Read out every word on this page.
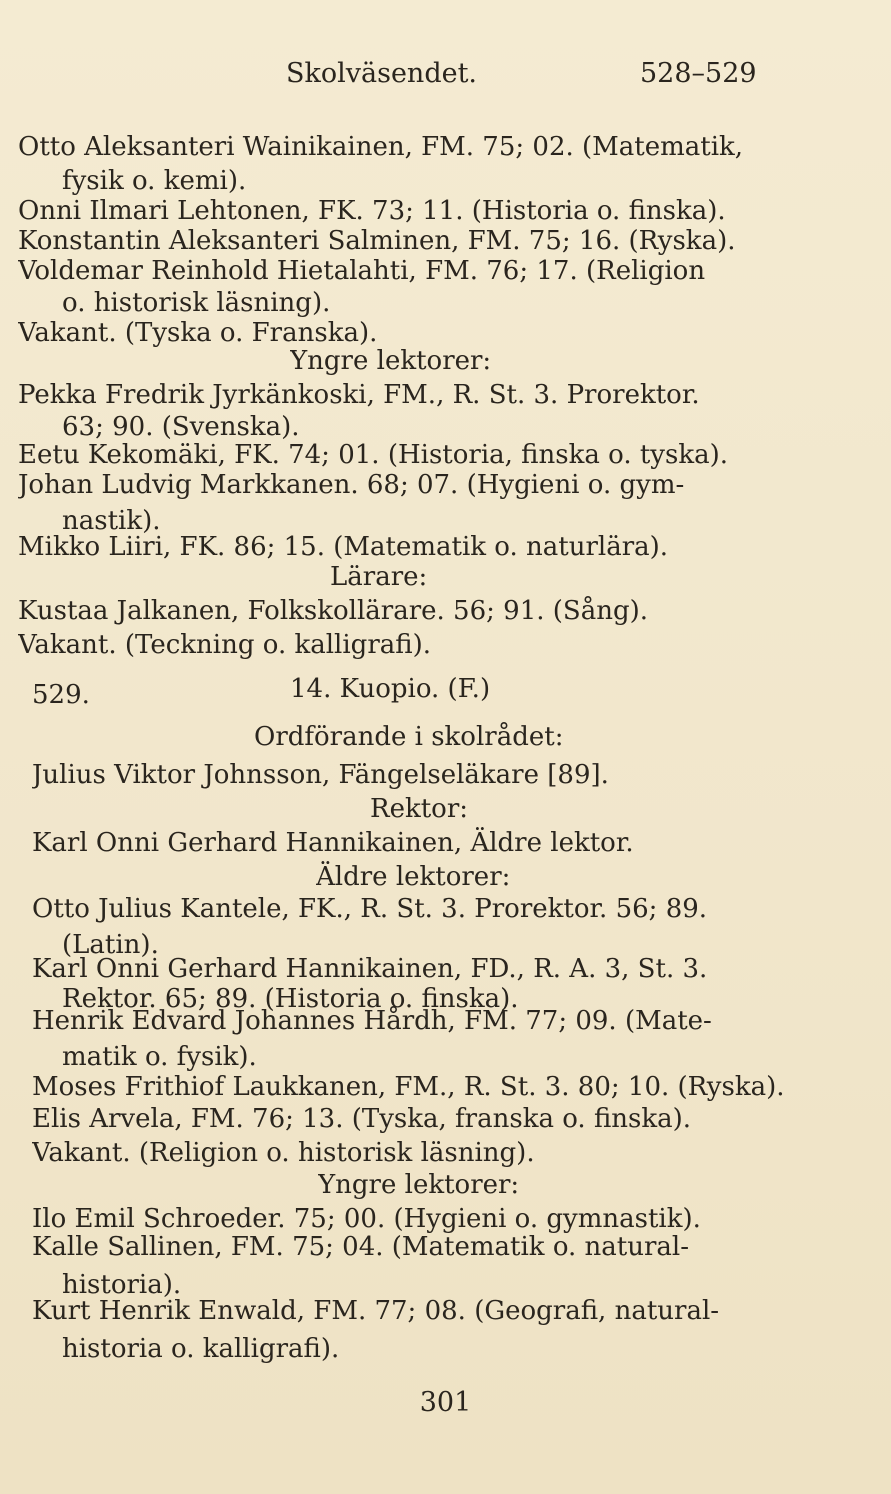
Skolväsendet.	528–529
Otto Aleksanteri Wainikainen, FM. 75; 02. (Matematik,
fysik o. kemi).
Onni Ilmari Lehtonen, FK. 73; 11. (Historia o. finska).
Konstantin Aleksanteri Salminen, FM. 75; 16. (Ryska).
Voldemar Reinhold Hietalahti, FM. 76; 17. (Religion
o. historisk läsning).
Vakant. (Tyska o. Franska).
Yngre lektorer:
Pekka Fredrik Jyrkänkoski, FM., R. St. 3. Prorektor.
63; 90. (Svenska).
Eetu Kekomäki, FK. 74; 01. (Historia, finska o. tyska).
Johan Ludvig Markkanen. 68; 07. (Hygieni o. gym-
nastik).
Mikko Liiri, FK. 86; 15. (Matematik o. naturlära).
Lärare:
Kustaa Jalkanen, Folkskollärare. 56; 91. (Sång).
Vakant. (Teckning o. kalligrafi).
529.	14. Kuopio. (F.)
Ordförande i skolrådet:
Julius Viktor Johnsson, Fängelseläkare [89].
Rektor:
Karl Onni Gerhard Hannikainen, Äldre lektor.
Äldre lektorer:
Otto Julius Kantele, FK., R. St. 3. Prorektor. 56; 89.
(Latin).
Karl Onni Gerhard Hannikainen, FD., R. A. 3, St. 3.
Rektor. 65; 89. (Historia o. finska).
Henrik Edvard Johannes Hårdh, FM. 77; 09. (Mate-
matik o. fysik).
Moses Frithiof Laukkanen, FM., R. St. 3. 80; 10. (Ryska).
Elis Arvela, FM. 76; 13. (Tyska, franska o. finska).
Vakant. (Religion o. historisk läsning).
Yngre lektorer:
Ilo Emil Schroeder. 75; 00. (Hygieni o. gymnastik).
Kalle Sallinen, FM. 75; 04. (Matematik o. natural-
historia).
Kurt Henrik Enwald, FM. 77; 08. (Geografi, natural-
historia o. kalligrafi).
301
